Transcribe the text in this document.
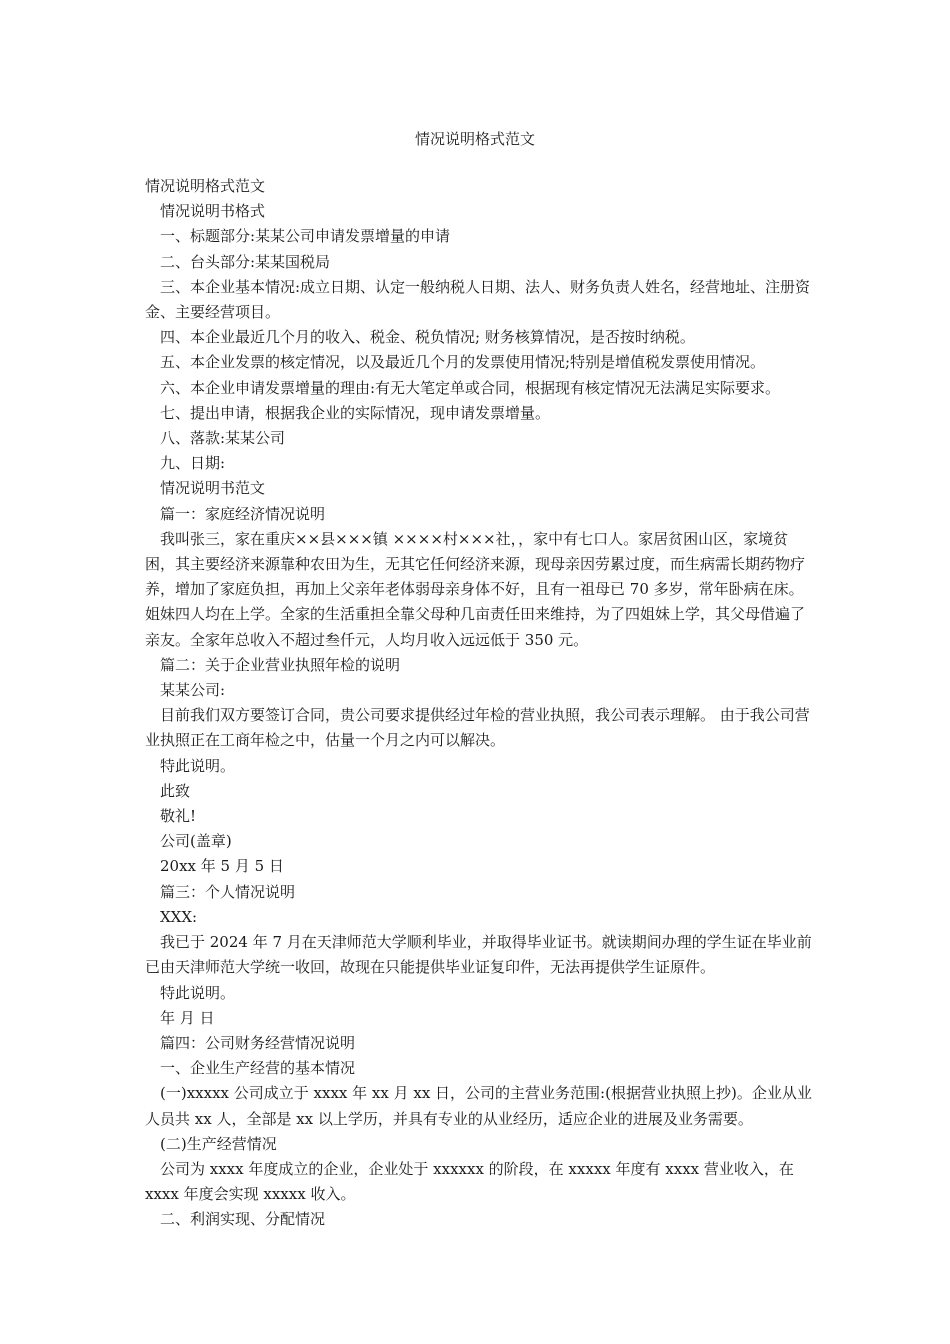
情况说明格式范文

情况说明格式范文

情况说明书格式

一、标题部分:某某公司申请发票增量的申请

二、台头部分:某某国税局

三、本企业基本情况:成立日期、认定一般纳税人日期、法人、财务负责人姓名，经营地址、注册资金、主要经营项目。

四、本企业最近几个月的收入、税金、税负情况; 财务核算情况，是否按时纳税。

五、本企业发票的核定情况，以及最近几个月的发票使用情况;特别是增值税发票使用情况。

六、本企业申请发票增量的理由:有无大笔定单或合同，根据现有核定情况无法满足实际要求。

七、提出申请，根据我企业的实际情况，现申请发票增量。

八、落款:某某公司

九、日期:

情况说明书范文

篇一：家庭经济情况说明

我叫张三，家在重庆××县×××镇 ××××村×××社，，家中有七口人。家居贫困山区，家境贫困，其主要经济来源靠种农田为生，无其它任何经济来源，现母亲因劳累过度，而生病需长期药物疗养，增加了家庭负担，再加上父亲年老体弱母亲身体不好，且有一祖母已 70 多岁，常年卧病在床。姐妹四人均在上学。全家的生活重担全靠父母种几亩责任田来维持，为了四姐妹上学，其父母借遍了亲友。全家年总收入不超过叁仟元，人均月收入远远低于 350 元。

篇二：关于企业营业执照年检的说明

某某公司:

目前我们双方要签订合同，贵公司要求提供经过年检的营业执照，我公司表示理解。 由于我公司营业执照正在工商年检之中，估量一个月之内可以解决。

特此说明。

此致

敬礼!

公司(盖章)

20xx 年 5 月 5 日

篇三：个人情况说明

XXX:

我已于 2024 年 7 月在天津师范大学顺利毕业，并取得毕业证书。就读期间办理的学生证在毕业前已由天津师范大学统一收回，故现在只能提供毕业证复印件，无法再提供学生证原件。

特此说明。

年 月 日

篇四：公司财务经营情况说明

一、企业生产经营的基本情况

(一)xxxxx 公司成立于 xxxx 年 xx 月 xx 日，公司的主营业务范围:(根据营业执照上抄)。企业从业人员共 xx 人，全部是 xx 以上学历，并具有专业的从业经历，适应企业的进展及业务需要。

(二)生产经营情况

公司为 xxxx 年度成立的企业，企业处于 xxxxxx 的阶段，在 xxxxx 年度有 xxxx 营业收入，在 xxxx 年度会实现 xxxxx 收入。

二、利润实现、分配情况
